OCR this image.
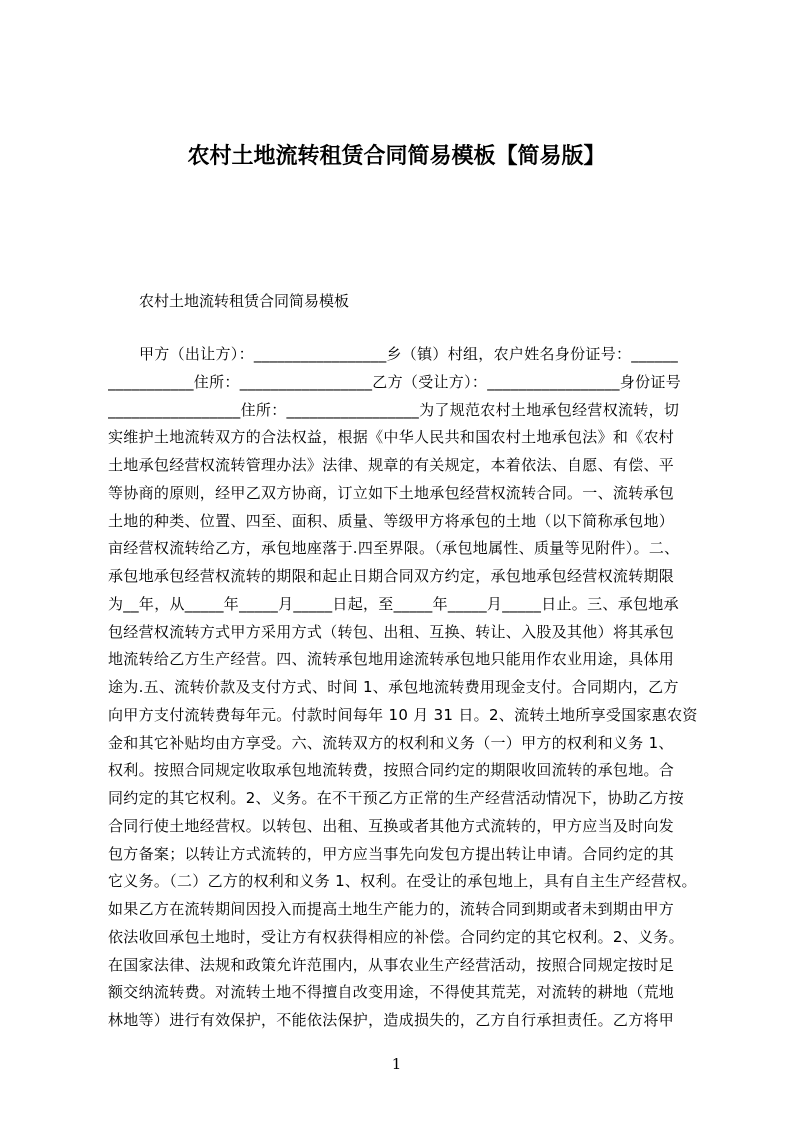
农村土地流转租赁合同简易模板【简易版】

农村土地流转租赁合同简易模板

甲方（出让方）：_________________乡（镇）村组，农户姓名身份证号：______
___________住所：_________________乙方（受让方）：_________________身份证号
_________________住所：_________________为了规范农村土地承包经营权流转，切
实维护土地流转双方的合法权益，根据《中华人民共和国农村土地承包法》和《农村
土地承包经营权流转管理办法》法律、规章的有关规定，本着依法、自愿、有偿、平
等协商的原则，经甲乙双方协商，订立如下土地承包经营权流转合同。一、流转承包
土地的种类、位置、四至、面积、质量、等级甲方将承包的土地（以下简称承包地）
亩经营权流转给乙方，承包地座落于.四至界限。（承包地属性、质量等见附件）。二、
承包地承包经营权流转的期限和起止日期合同双方约定，承包地承包经营权流转期限
为__年，从_____年_____月_____日起，至_____年_____月_____日止。三、承包地承
包经营权流转方式甲方采用方式（转包、出租、互换、转让、入股及其他）将其承包
地流转给乙方生产经营。四、流转承包地用途流转承包地只能用作农业用途，具体用
途为.五、流转价款及支付方式、时间 1、承包地流转费用现金支付。合同期内，乙方
向甲方支付流转费每年元。付款时间每年 10 月 31 日。2、流转土地所享受国家惠农资
金和其它补贴均由方享受。六、流转双方的权利和义务（一）甲方的权利和义务 1、
权利。按照合同规定收取承包地流转费，按照合同约定的期限收回流转的承包地。合
同约定的其它权利。2、义务。在不干预乙方正常的生产经营活动情况下，协助乙方按
合同行使土地经营权。以转包、出租、互换或者其他方式流转的，甲方应当及时向发
包方备案；以转让方式流转的，甲方应当事先向发包方提出转让申请。合同约定的其
它义务。（二）乙方的权利和义务 1、权利。在受让的承包地上，具有自主生产经营权。
如果乙方在流转期间因投入而提高土地生产能力的，流转合同到期或者未到期由甲方
依法收回承包土地时，受让方有权获得相应的补偿。合同约定的其它权利。2、义务。
在国家法律、法规和政策允许范围内，从事农业生产经营活动，按照合同规定按时足
额交纳流转费。对流转土地不得擅自改变用途，不得使其荒芜，对流转的耕地（荒地
林地等）进行有效保护，不能依法保护，造成损失的，乙方自行承担责任。乙方将甲

1
